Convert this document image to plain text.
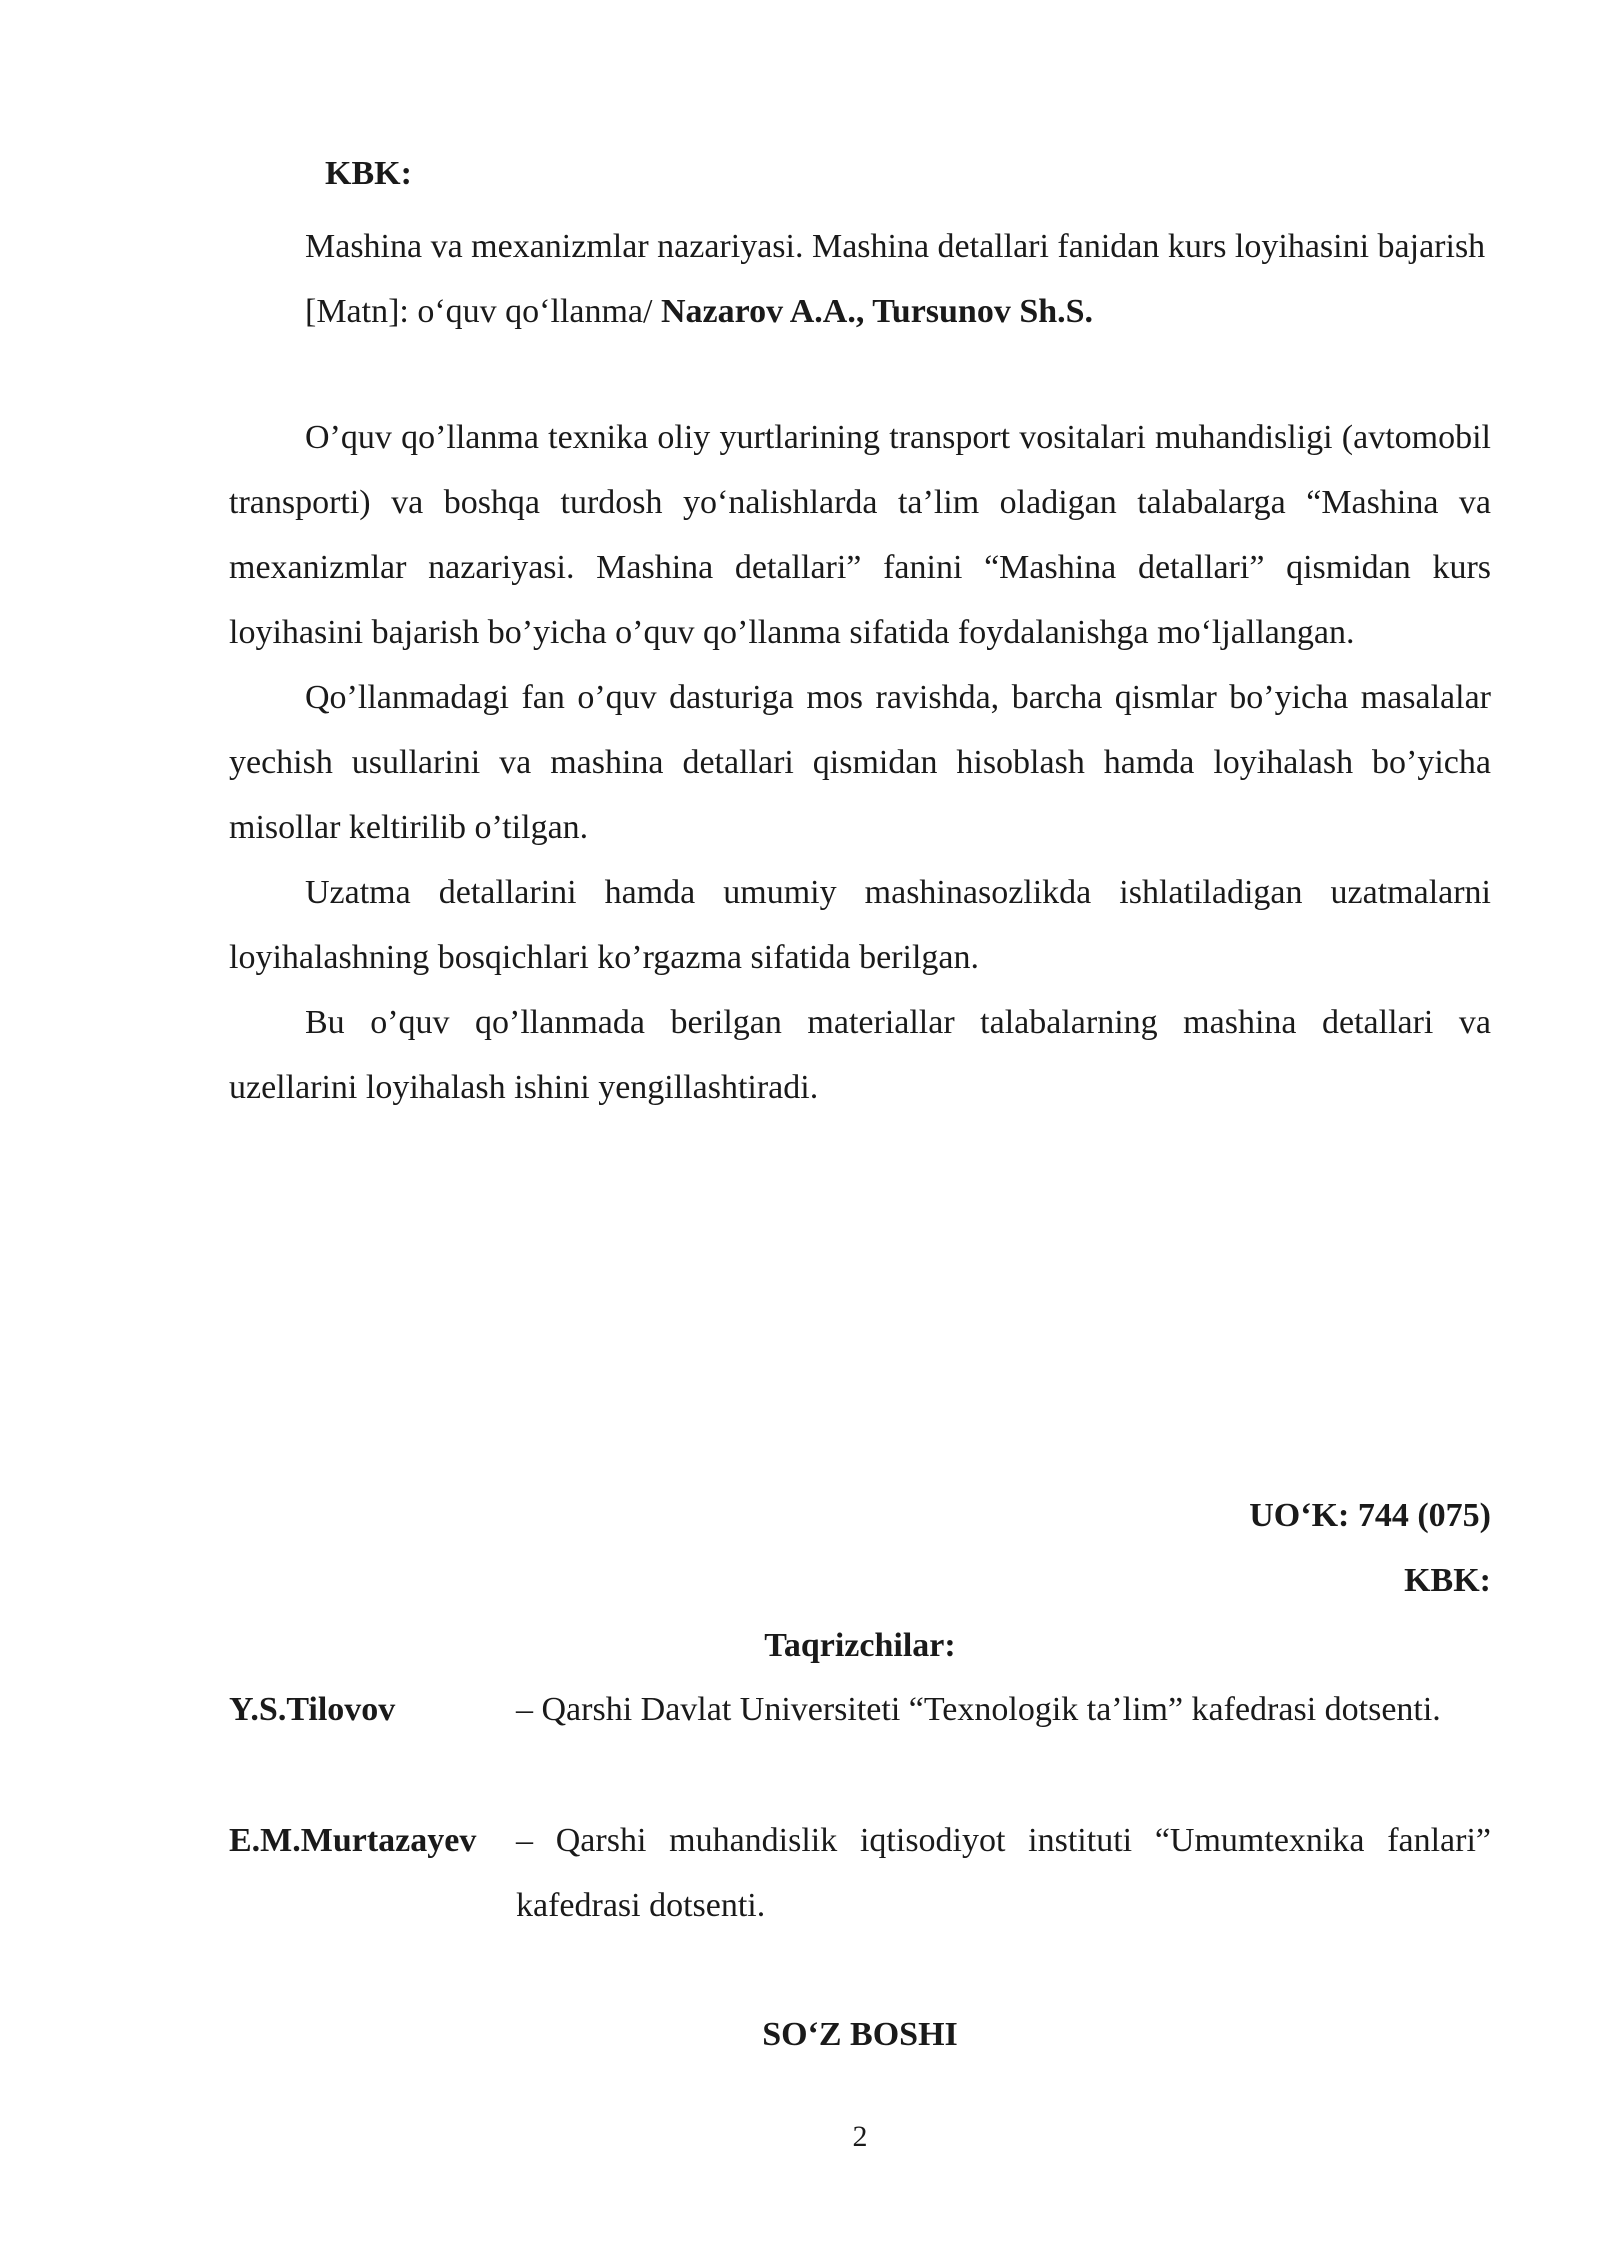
KBK:

Mashina va mexanizmlar nazariyasi. Mashina detallari fanidan kurs loyihasini bajarish [Matn]: o‘quv qo‘llanma/ Nazarov A.A., Tursunov Sh.S.

O’quv qo’llanma texnika oliy yurtlarining transport vositalari muhandisligi (avtomobil transporti) va boshqa turdosh yo‘nalishlarda ta’lim oladigan talabalarga “Mashina va mexanizmlar nazariyasi. Mashina detallari” fanini “Mashina detallari” qismidan kurs loyihasini bajarish bo’yicha o’quv qo’llanma sifatida foydalanishga mo‘ljallangan.

Qo’llanmadagi fan o’quv dasturiga mos ravishda, barcha qismlar bo’yicha masalalar yechish usullarini va mashina detallari qismidan hisoblash hamda loyihalash bo’yicha misollar keltirilib o’tilgan.

Uzatma detallarini hamda umumiy mashinasozlikda ishlatiladigan uzatmalarni loyihalashning bosqichlari ko’rgazma sifatida berilgan.

Bu o’quv qo’llanmada berilgan materiallar talabalarning mashina detallari va uzellarini loyihalash ishini yengillashtiradi.

UO‘K: 744 (075)

KBK:

Taqrizchilar:

Y.S.Tilovov	– Qarshi Davlat Universiteti “Texnologik ta’lim” kafedrasi dotsenti.
E.M.Murtazayev	– Qarshi muhandislik iqtisodiyot instituti “Umumtexnika fanlari” kafedrasi dotsenti.

SO‘Z BOSHI

2
